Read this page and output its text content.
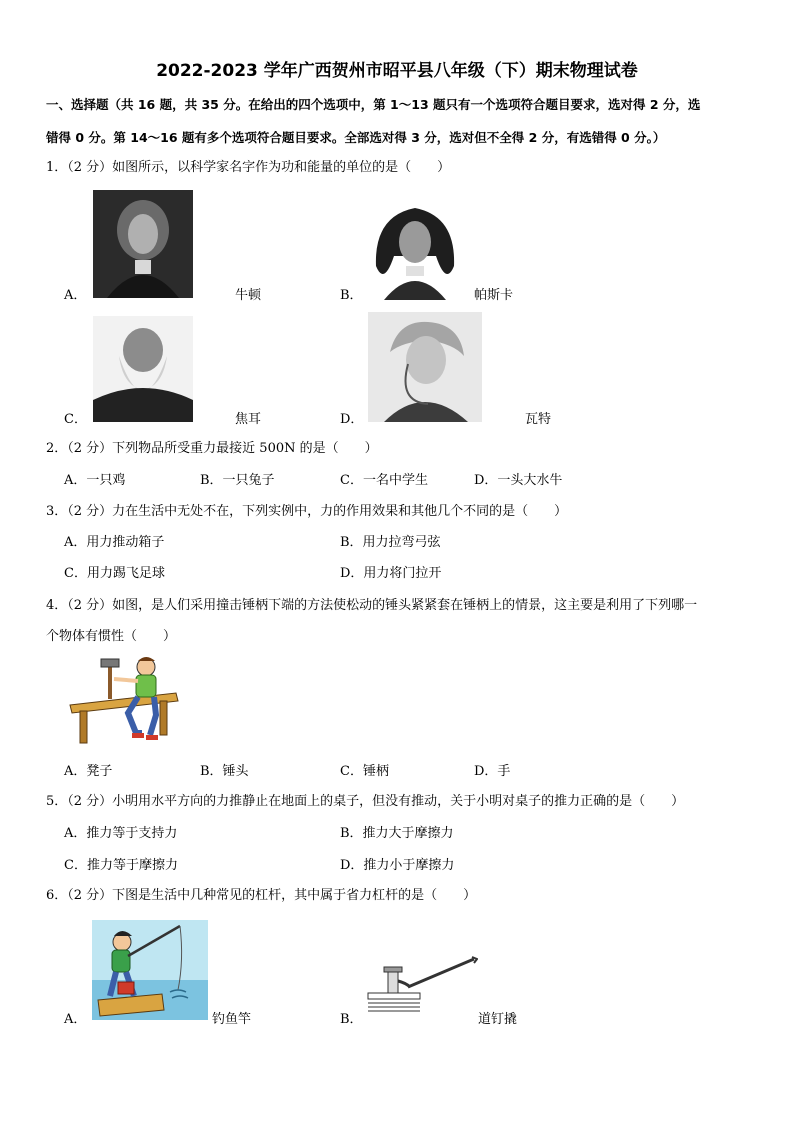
2022-2023 学年广西贺州市昭平县八年级（下）期末物理试卷
一、选择题（共 16 题，共 35 分。在给出的四个选项中，第 1～13 题只有一个选项符合题目要求，选对得 2 分，选
错得 0 分。第 14～16 题有多个选项符合题目要求。全部选对得 3 分，选对但不全得 2 分，有选错得 0 分。）
1．（2 分）如图所示，以科学家名字作为功和能量的单位的是（　　）
A．	牛顿	B．	帕斯卡
C．	焦耳	D．	瓦特
2．（2 分）下列物品所受重力最接近 500N 的是（　　）
A．一只鸡	B．一只兔子	C．一名中学生	D．一头大水牛
3．（2 分）力在生活中无处不在，下列实例中，力的作用效果和其他几个不同的是（　　）
A．用力推动箱子	B．用力拉弯弓弦
C．用力踢飞足球	D．用力将门拉开
4．（2 分）如图，是人们采用撞击锤柄下端的方法使松动的锤头紧紧套在锤柄上的情景，这主要是利用了下列哪一
个物体有惯性（　　）
A．凳子	B．锤头	C．锤柄	D．手
5．（2 分）小明用水平方向的力推静止在地面上的桌子，但没有推动，关于小明对桌子的推力正确的是（　　）
A．推力等于支持力	B．推力大于摩擦力
C．推力等于摩擦力	D．推力小于摩擦力
6．（2 分）下图是生活中几种常见的杠杆，其中属于省力杠杆的是（　　）
A．	钓鱼竿	B．	道钉撬
